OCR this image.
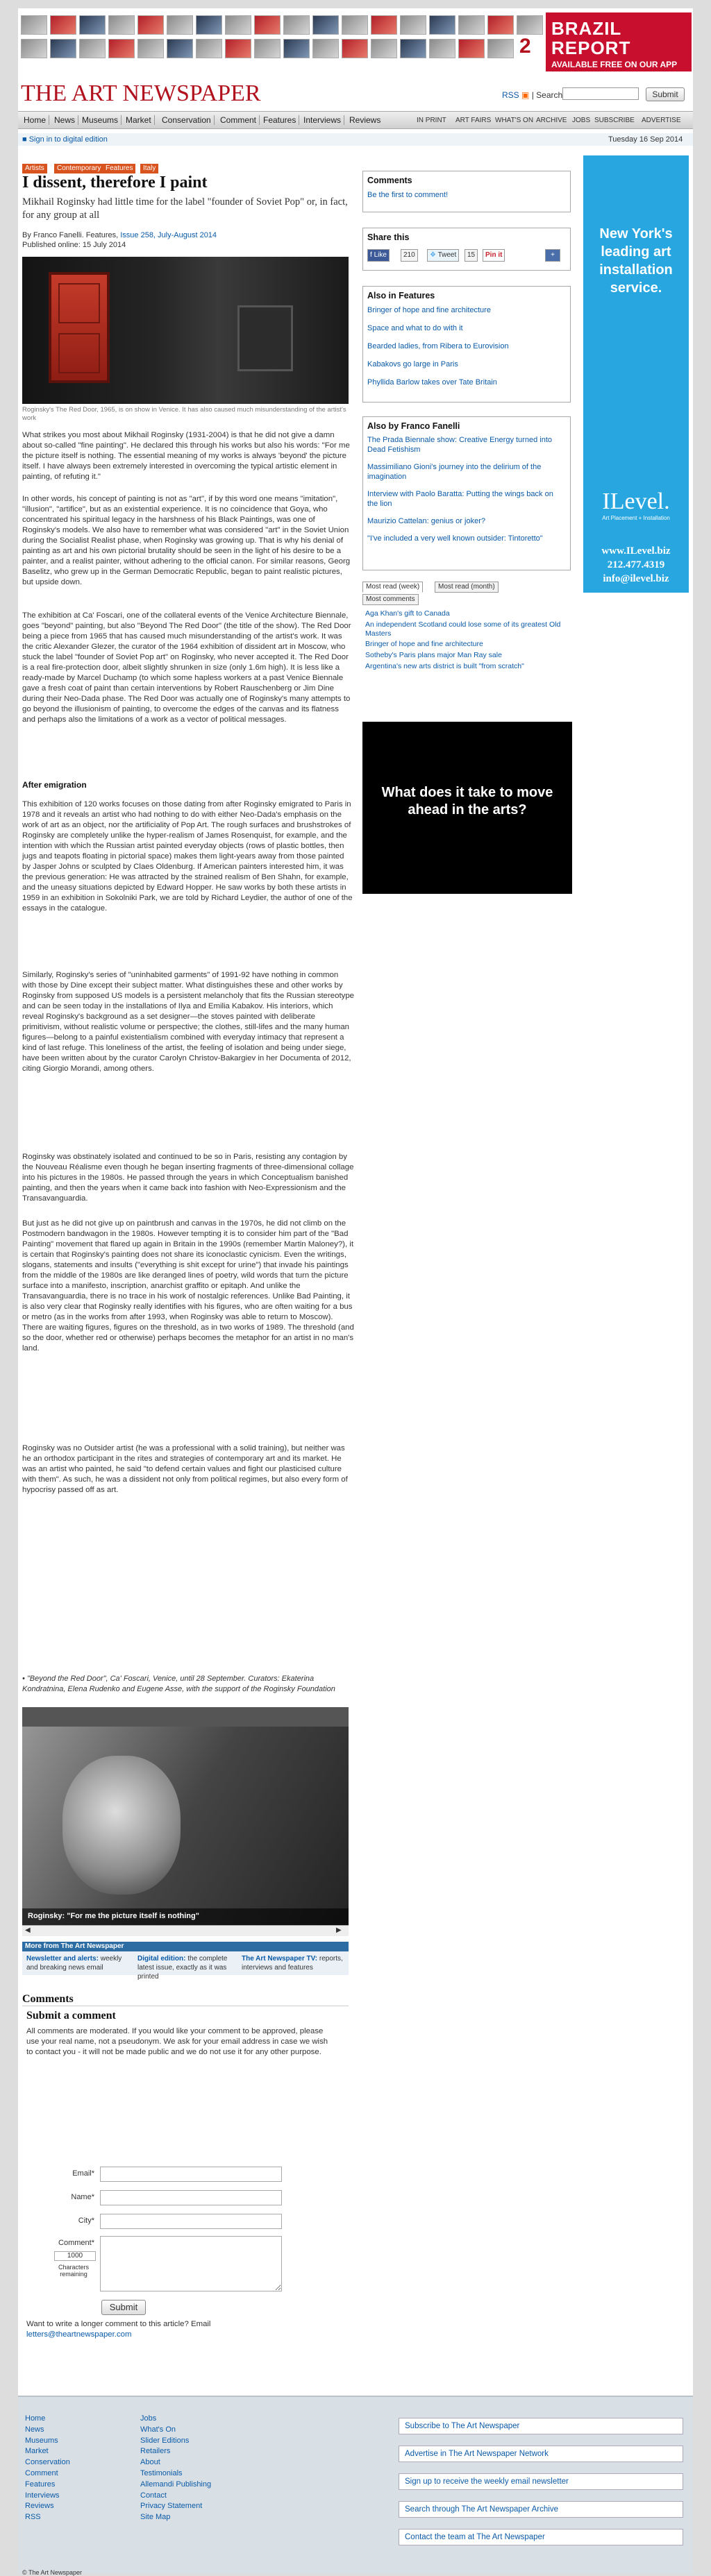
2
BRAZIL
REPORT
AVAILABLE FREE ON OUR APP
THE ART NEWSPAPER	RSS ▣ | Search	Submit
Home News Museums Market	Conservation	Comment Features Interviews Reviews	IN PRINT	ART FAIRS WHAT'S ON ARCHIVE JOBS SUBSCRIBE	ADVERTISE
■ Sign in to digital edition	Tuesday 16 Sep 2014
Artists	Contemporary Features	Italy
I dissent, therefore I paint

Mikhail Roginsky had little time for the label "founder of Soviet Pop" or, in fact, for any group at all

By Franco Fanelli. Features, Issue 258, July-August 2014
Published online: 15 July 2014
Roginsky's The Red Door, 1965, is on show in Venice. It has also caused much misunderstanding of the artist's work

What strikes you most about Mikhail Roginsky (1931-2004) is that he did not give a damn about so-called "fine painting". He declared this through his works but also his words: "For me the picture itself is nothing. The essential meaning of my works is always 'beyond' the picture itself. I have always been extremely interested in overcoming the typical artistic element in painting, of refuting it."

In other words, his concept of painting is not as "art", if by this word one means "imitation", "illusion", "artifice", but as an existential experience. It is no coincidence that Goya, who concentrated his spiritual legacy in the harshness of his Black Paintings, was one of Roginsky's models. We also have to remember what was considered "art" in the Soviet Union during the Socialist Realist phase, when Roginsky was growing up. That is why his denial of painting as art and his own pictorial brutality should be seen in the light of his desire to be a painter, and a realist painter, without adhering to the official canon. For similar reasons, Georg Baselitz, who grew up in the German Democratic Republic, began to paint realistic pictures, but upside down.

The exhibition at Ca' Foscari, one of the collateral events of the Venice Architecture Biennale, goes "beyond" painting, but also "Beyond The Red Door" (the title of the show). The Red Door being a piece from 1965 that has caused much misunderstanding of the artist's work. It was the critic Alexander Glezer, the curator of the 1964 exhibition of dissident art in Moscow, who stuck the label "founder of Soviet Pop art" on Roginsky, who never accepted it. The Red Door is a real fire-protection door, albeit slightly shrunken in size (only 1.6m high). It is less like a ready-made by Marcel Duchamp (to which some hapless workers at a past Venice Biennale gave a fresh coat of paint than certain interventions by Robert Rauschenberg or Jim Dine during their Neo-Dada phase. The Red Door was actually one of Roginsky's many attempts to go beyond the illusionism of painting, to overcome the edges of the canvas and its flatness and perhaps also the limitations of a work as a vector of political messages.

After emigration

This exhibition of 120 works focuses on those dating from after Roginsky emigrated to Paris in 1978 and it reveals an artist who had nothing to do with either Neo-Dada's emphasis on the work of art as an object, nor the artificiality of Pop Art. The rough surfaces and brushstrokes of Roginsky are completely unlike the hyper-realism of James Rosenquist, for example, and the intention with which the Russian artist painted everyday objects (rows of plastic bottles, then jugs and teapots floating in pictorial space) makes them light-years away from those painted by Jasper Johns or sculpted by Claes Oldenburg. If American painters interested him, it was the previous generation: He was attracted by the strained realism of Ben Shahn, for example, and the uneasy situations depicted by Edward Hopper. He saw works by both these artists in 1959 in an exhibition in Sokolniki Park, we are told by Richard Leydier, the author of one of the essays in the catalogue.

Similarly, Roginsky's series of "uninhabited garments" of 1991-92 have nothing in common with those by Dine except their subject matter. What distinguishes these and other works by Roginsky from supposed US models is a persistent melancholy that fits the Russian stereotype and can be seen today in the installations of Ilya and Emilia Kabakov. His interiors, which reveal Roginsky's background as a set designer—the stoves painted with deliberate primitivism, without realistic volume or perspective; the clothes, still-lifes and the many human figures—belong to a painful existentialism combined with everyday intimacy that represent a kind of last refuge. This loneliness of the artist, the feeling of isolation and being under siege, have been written about by the curator Carolyn Christov-Bakargiev in her Documenta of 2012, citing Giorgio Morandi, among others.

Roginsky was obstinately isolated and continued to be so in Paris, resisting any contagion by the Nouveau Réalisme even though he began inserting fragments of three-dimensional collage into his pictures in the 1980s. He passed through the years in which Conceptualism banished painting, and then the years when it came back into fashion with Neo-Expressionism and the Transavanguardia.

But just as he did not give up on paintbrush and canvas in the 1970s, he did not climb on the Postmodern bandwagon in the 1980s. However tempting it is to consider him part of the "Bad Painting" movement that flared up again in Britain in the 1990s (remember Martin Maloney?), it is certain that Roginsky's painting does not share its iconoclastic cynicism. Even the writings, slogans, statements and insults ("everything is shit except for urine") that invade his paintings from the middle of the 1980s are like deranged lines of poetry, wild words that turn the picture surface into a manifesto, inscription, anarchist graffito or epitaph. And unlike the Transavanguardia, there is no trace in his work of nostalgic references. Unlike Bad Painting, it is also very clear that Roginsky really identifies with his figures, who are often waiting for a bus or metro (as in the works from after 1993, when Roginsky was able to return to Moscow). There are waiting figures, figures on the threshold, as in two works of 1989. The threshold (and so the door, whether red or otherwise) perhaps becomes the metaphor for an artist in no man's land.

Roginsky was no Outsider artist (he was a professional with a solid training), but neither was he an orthodox participant in the rites and strategies of contemporary art and its market. He was an artist who painted, he said "to defend certain values and fight our plasticised culture with them". As such, he was a dissident not only from political regimes, but also every form of hypocrisy passed off as art.

• "Beyond the Red Door", Ca' Foscari, Venice, until 28 September. Curators: Ekaterina Kondratnina, Elena Rudenko and Eugene Asse, with the support of the Roginsky Foundation
Roginsky: "For me the picture itself is nothing"
◀	▶
More from The Art Newspaper
Newsletter and alerts: weekly and breaking news email
Digital edition: the complete latest issue, exactly as it was printed
The Art Newspaper TV: reports, interviews and features
Comments
Submit a comment

All comments are moderated. If you would like your comment to be approved, please use your real name, not a pseudonym. We ask for your email address in case we wish to contact you - it will not be made public and we do not use it for any other purpose.

Email*
Name*
City*
Comment*
1000
Characters remaining
Submit
Want to write a longer comment to this article? Email
letters@theartnewspaper.com
Comments
Be the first to comment!
Share this
f Like	210	❖ Tweet	15	Pin it	+
Also in Features
Bringer of hope and fine architecture
Space and what to do with it
Bearded ladies, from Ribera to Eurovision
Kabakovs go large in Paris
Phyllida Barlow takes over Tate Britain
Also by Franco Fanelli
The Prada Biennale show: Creative Energy turned into Dead Fetishism
Massimiliano Gioni's journey into the delirium of the imagination
Interview with Paolo Baratta: Putting the wings back on the lion
Maurizio Cattelan: genius or joker?
"I've included a very well known outsider: Tintoretto"
Most read (week)	Most read (month)
Most comments
Aga Khan's gift to Canada
An independent Scotland could lose some of its greatest Old Masters
Bringer of hope and fine architecture
Sotheby's Paris plans major Man Ray sale
Argentina's new arts district is built "from scratch"
What does it take to move ahead in the arts?
New York's leading art installation service.
ILevel.
Art Placement + Installation
www.ILevel.biz
212.477.4319
info@ilevel.biz
Home
News
Museums
Market
Conservation
Comment
Features
Interviews
Reviews
RSS
Jobs
What's On
Slider Editions
Retailers
About
Testimonials
Allemandi Publishing
Contact
Privacy Statement
Site Map
Subscribe to The Art Newspaper
Advertise in The Art Newspaper Network
Sign up to receive the weekly email newsletter
Search through The Art Newspaper Archive
Contact the team at The Art Newspaper
© The Art Newspaper
